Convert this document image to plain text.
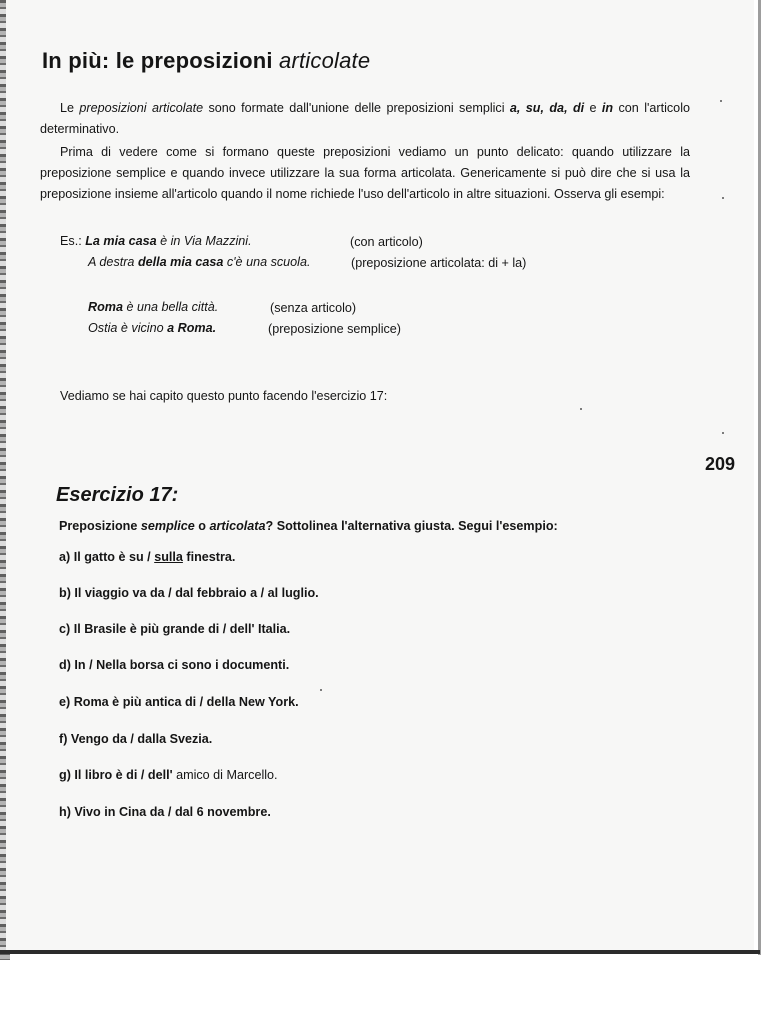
In più: le preposizioni articolate
Le preposizioni articolate sono formate dall'unione delle preposizioni semplici a, su, da, di e in con l'articolo determinativo.
Prima di vedere come si formano queste preposizioni vediamo un punto delicato: quando utilizzare la preposizione semplice e quando invece utilizzare la sua forma articolata. Genericamente si può dire che si usa la preposizione insieme all'articolo quando il nome richiede l'uso dell'articolo in altre situazioni. Osserva gli esempi:
Es.: La mia casa è in Via Mazzini.	(con articolo)
A destra della mia casa c'è una scuola.	(preposizione articolata: di + la)
Roma è una bella città.	(senza articolo)
Ostia è vicino a Roma.	(preposizione semplice)
Vediamo se hai capito questo punto facendo l'esercizio 17:
209
Esercizio 17:
Preposizione semplice o articolata? Sottolinea l'alternativa giusta. Segui l'esempio:
a) Il gatto è su / sulla finestra.
b) Il viaggio va da / dal febbraio a / al luglio.
c) Il Brasile è più grande di / dell' Italia.
d) In / Nella borsa ci sono i documenti.
e) Roma è più antica di / della New York.
f) Vengo da / dalla Svezia.
g) Il libro è di / dell' amico di Marcello.
h) Vivo in Cina da / dal 6 novembre.
